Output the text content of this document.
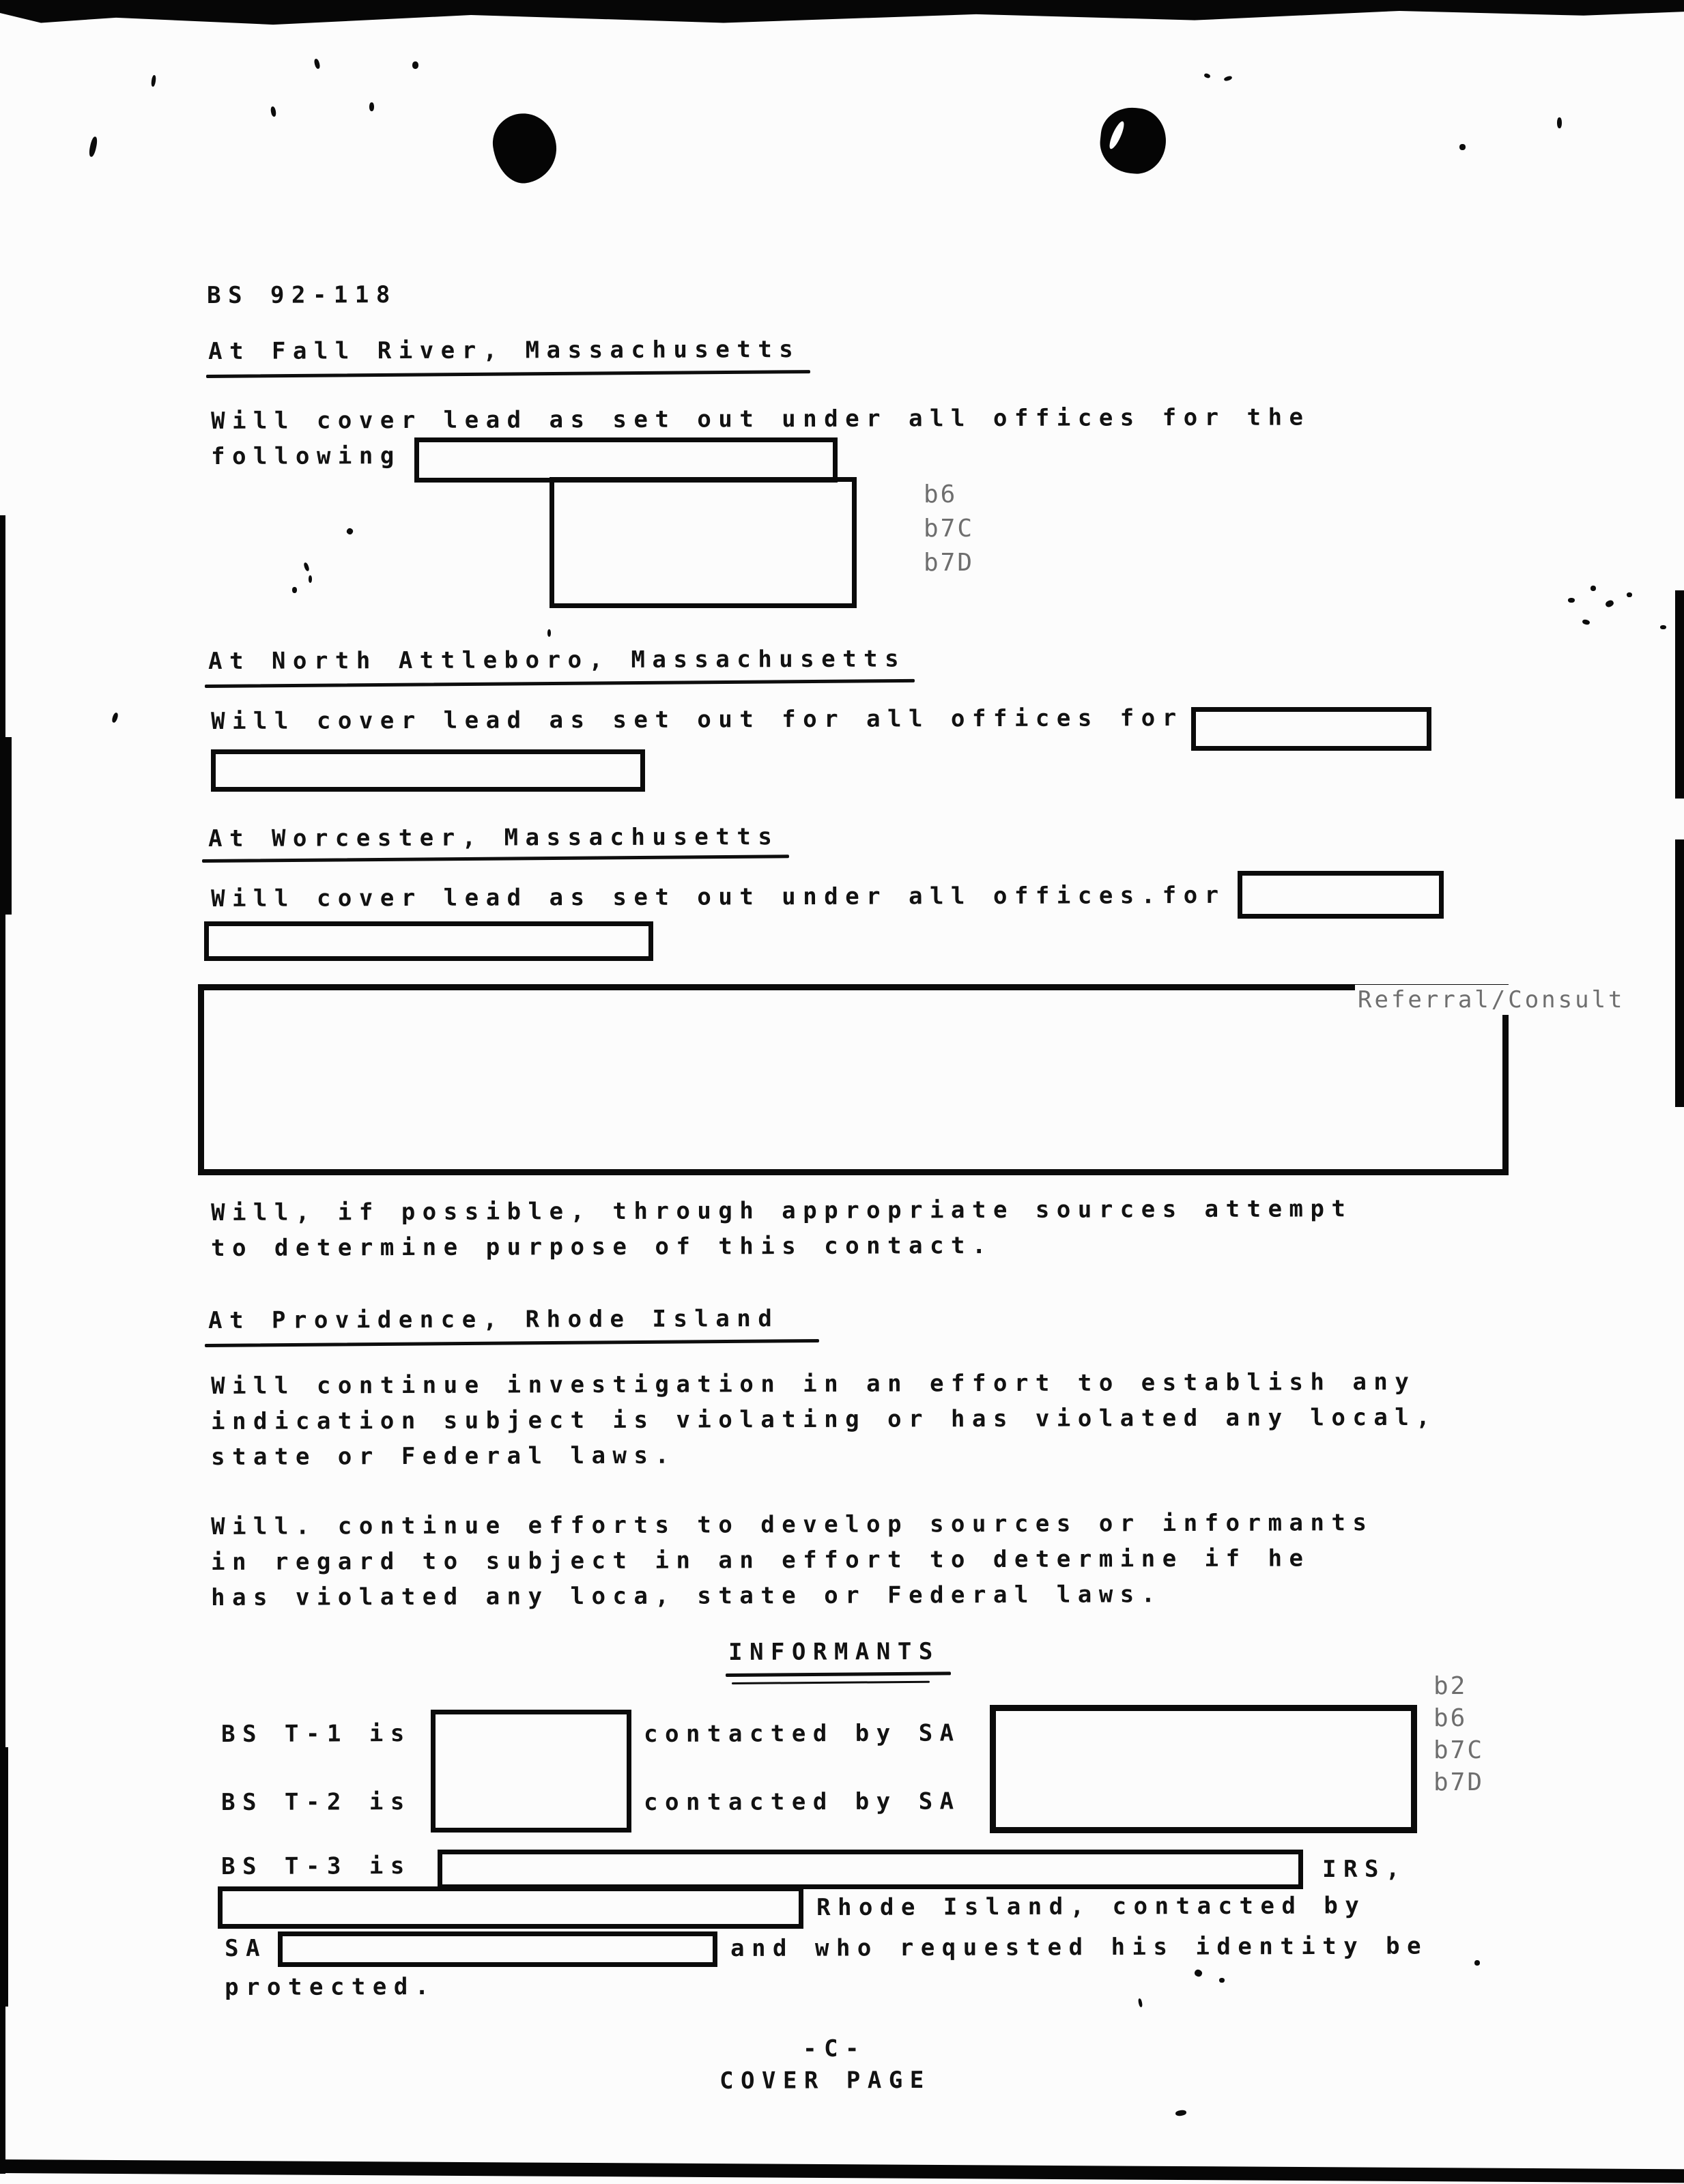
BS 92-118
At Fall River, Massachusetts
Will cover lead as set out under all offices for the
following
b6
b7C
b7D
At North Attleboro, Massachusetts
Will cover lead as set out for all offices for
At Worcester, Massachusetts
Will cover lead as set out under all offices.for
Referral/Consult
Will, if possible, through appropriate sources attempt
to determine purpose of this contact.
At Providence, Rhode Island
Will continue investigation in an effort to establish any
indication subject is violating or has violated any local,
state or Federal laws.
Will. continue efforts to develop sources or informants
in regard to subject in an effort to determine if he
has violated any loca, state or Federal laws.
INFORMANTS
BS T-1 is	contacted by SA
BS T-2 is	contacted by SA
b2
b6
b7C
b7D
BS T-3 is	IRS,
Rhode Island, contacted by
SA	and who requested his identity be
protected.
-C-
COVER PAGE
